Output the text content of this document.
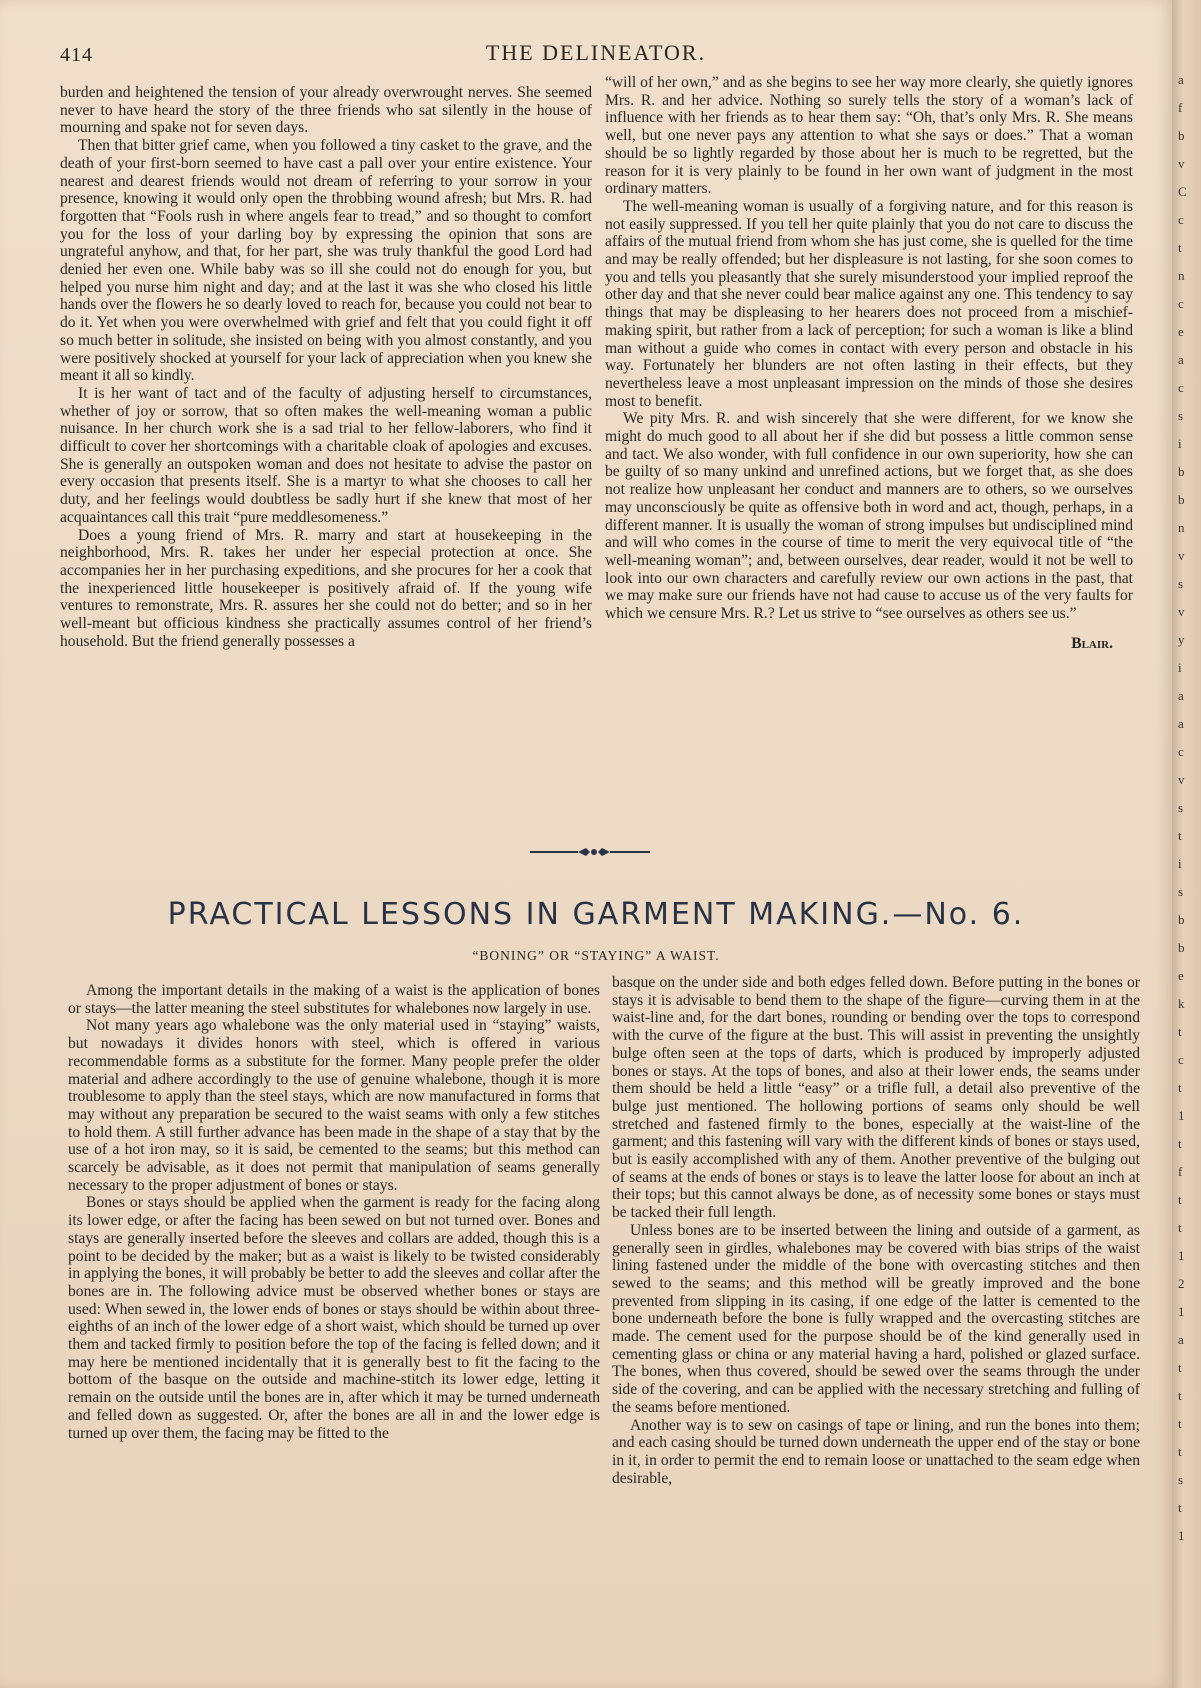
414	THE DELINEATOR.

burden and heightened the tension of your already overwrought nerves. She seemed never to have heard the story of the three friends who sat silently in the house of mourning and spake not for seven days.

Then that bitter grief came, when you followed a tiny casket to the grave, and the death of your first-born seemed to have cast a pall over your entire existence. Your nearest and dearest friends would not dream of referring to your sorrow in your presence, knowing it would only open the throbbing wound afresh; but Mrs. R. had forgotten that “Fools rush in where angels fear to tread,” and so thought to comfort you for the loss of your darling boy by expressing the opinion that sons are ungrateful anyhow, and that, for her part, she was truly thankful the good Lord had denied her even one. While baby was so ill she could not do enough for you, but helped you nurse him night and day; and at the last it was she who closed his little hands over the flowers he so dearly loved to reach for, because you could not bear to do it. Yet when you were overwhelmed with grief and felt that you could fight it off so much better in solitude, she insisted on being with you almost constantly, and you were positively shocked at yourself for your lack of appreciation when you knew she meant it all so kindly.

It is her want of tact and of the faculty of adjusting herself to circumstances, whether of joy or sorrow, that so often makes the well-meaning woman a public nuisance. In her church work she is a sad trial to her fellow-laborers, who find it difficult to cover her shortcomings with a charitable cloak of apologies and excuses. She is generally an outspoken woman and does not hesitate to advise the pastor on every occasion that presents itself. She is a martyr to what she chooses to call her duty, and her feelings would doubtless be sadly hurt if she knew that most of her acquaintances call this trait “pure meddlesomeness.”

Does a young friend of Mrs. R. marry and start at housekeeping in the neighborhood, Mrs. R. takes her under her especial protection at once. She accompanies her in her purchasing expeditions, and she procures for her a cook that the inexperienced little housekeeper is positively afraid of. If the young wife ventures to remonstrate, Mrs. R. assures her she could not do better; and so in her well-meant but officious kindness she practically assumes control of her friend’s household. But the friend generally possesses a

“will of her own,” and as she begins to see her way more clearly, she quietly ignores Mrs. R. and her advice. Nothing so surely tells the story of a woman’s lack of influence with her friends as to hear them say: “Oh, that’s only Mrs. R. She means well, but one never pays any attention to what she says or does.” That a woman should be so lightly regarded by those about her is much to be regretted, but the reason for it is very plainly to be found in her own want of judgment in the most ordinary matters.

The well-meaning woman is usually of a forgiving nature, and for this reason is not easily suppressed. If you tell her quite plainly that you do not care to discuss the affairs of the mutual friend from whom she has just come, she is quelled for the time and may be really offended; but her displeasure is not lasting, for she soon comes to you and tells you pleasantly that she surely misunderstood your implied reproof the other day and that she never could bear malice against any one. This tendency to say things that may be displeasing to her hearers does not proceed from a mischief-making spirit, but rather from a lack of perception; for such a woman is like a blind man without a guide who comes in contact with every person and obstacle in his way. Fortunately her blunders are not often lasting in their effects, but they nevertheless leave a most unpleasant impression on the minds of those she desires most to benefit.

We pity Mrs. R. and wish sincerely that she were different, for we know she might do much good to all about her if she did but possess a little common sense and tact. We also wonder, with full confidence in our own superiority, how she can be guilty of so many unkind and unrefined actions, but we forget that, as she does not realize how unpleasant her conduct and manners are to others, so we ourselves may unconsciously be quite as offensive both in word and act, though, perhaps, in a different manner. It is usually the woman of strong impulses but undisciplined mind and will who comes in the course of time to merit the very equivocal title of “the well-meaning woman”; and, between ourselves, dear reader, would it not be well to look into our own characters and carefully review our own actions in the past, that we may make sure our friends have not had cause to accuse us of the very faults for which we censure Mrs. R.? Let us strive to “see ourselves as others see us.”

Blair.

PRACTICAL LESSONS IN GARMENT MAKING.—No. 6.
“BONING” OR “STAYING” A WAIST.

Among the important details in the making of a waist is the application of bones or stays—the latter meaning the steel substitutes for whalebones now largely in use.

Not many years ago whalebone was the only material used in “staying” waists, but nowadays it divides honors with steel, which is offered in various recommendable forms as a substitute for the former. Many people prefer the older material and adhere accordingly to the use of genuine whalebone, though it is more troublesome to apply than the steel stays, which are now manufactured in forms that may without any preparation be secured to the waist seams with only a few stitches to hold them. A still further advance has been made in the shape of a stay that by the use of a hot iron may, so it is said, be cemented to the seams; but this method can scarcely be advisable, as it does not permit that manipulation of seams generally necessary to the proper adjustment of bones or stays.

Bones or stays should be applied when the garment is ready for the facing along its lower edge, or after the facing has been sewed on but not turned over. Bones and stays are generally inserted before the sleeves and collars are added, though this is a point to be decided by the maker; but as a waist is likely to be twisted considerably in applying the bones, it will probably be better to add the sleeves and collar after the bones are in. The following advice must be observed whether bones or stays are used: When sewed in, the lower ends of bones or stays should be within about three-eighths of an inch of the lower edge of a short waist, which should be turned up over them and tacked firmly to position before the top of the facing is felled down; and it may here be mentioned incidentally that it is generally best to fit the facing to the bottom of the basque on the outside and machine-stitch its lower edge, letting it remain on the outside until the bones are in, after which it may be turned underneath and felled down as suggested. Or, after the bones are all in and the lower edge is turned up over them, the facing may be fitted to the

basque on the under side and both edges felled down. Before putting in the bones or stays it is advisable to bend them to the shape of the figure—curving them in at the waist-line and, for the dart bones, rounding or bending over the tops to correspond with the curve of the figure at the bust. This will assist in preventing the unsightly bulge often seen at the tops of darts, which is produced by improperly adjusted bones or stays. At the tops of bones, and also at their lower ends, the seams under them should be held a little “easy” or a trifle full, a detail also preventive of the bulge just mentioned. The hollowing portions of seams only should be well stretched and fastened firmly to the bones, especially at the waist-line of the garment; and this fastening will vary with the different kinds of bones or stays used, but is easily accomplished with any of them. Another preventive of the bulging out of seams at the ends of bones or stays is to leave the latter loose for about an inch at their tops; but this cannot always be done, as of necessity some bones or stays must be tacked their full length.

Unless bones are to be inserted between the lining and outside of a garment, as generally seen in girdles, whalebones may be covered with bias strips of the waist lining fastened under the middle of the bone with overcasting stitches and then sewed to the seams; and this method will be greatly improved and the bone prevented from slipping in its casing, if one edge of the latter is cemented to the bone underneath before the bone is fully wrapped and the overcasting stitches are made. The cement used for the purpose should be of the kind generally used in cementing glass or china or any material having a hard, polished or glazed surface. The bones, when thus covered, should be sewed over the seams through the under side of the covering, and can be applied with the necessary stretching and fulling of the seams before mentioned.

Another way is to sew on casings of tape or lining, and run the bones into them; and each casing should be turned down underneath the upper end of the stay or bone in it, in order to permit the end to remain loose or unattached to the seam edge when desirable,

a
f
b
v
C
c
t
n
c
e
a
c
s
i
b
b
n
v
s
v
y
i
a
a
c
v
s
t
i
s
b
b
e
k
t
c
t
1
t
f
t
t
1
2
1
a
t
t
t
t
s
t
1
